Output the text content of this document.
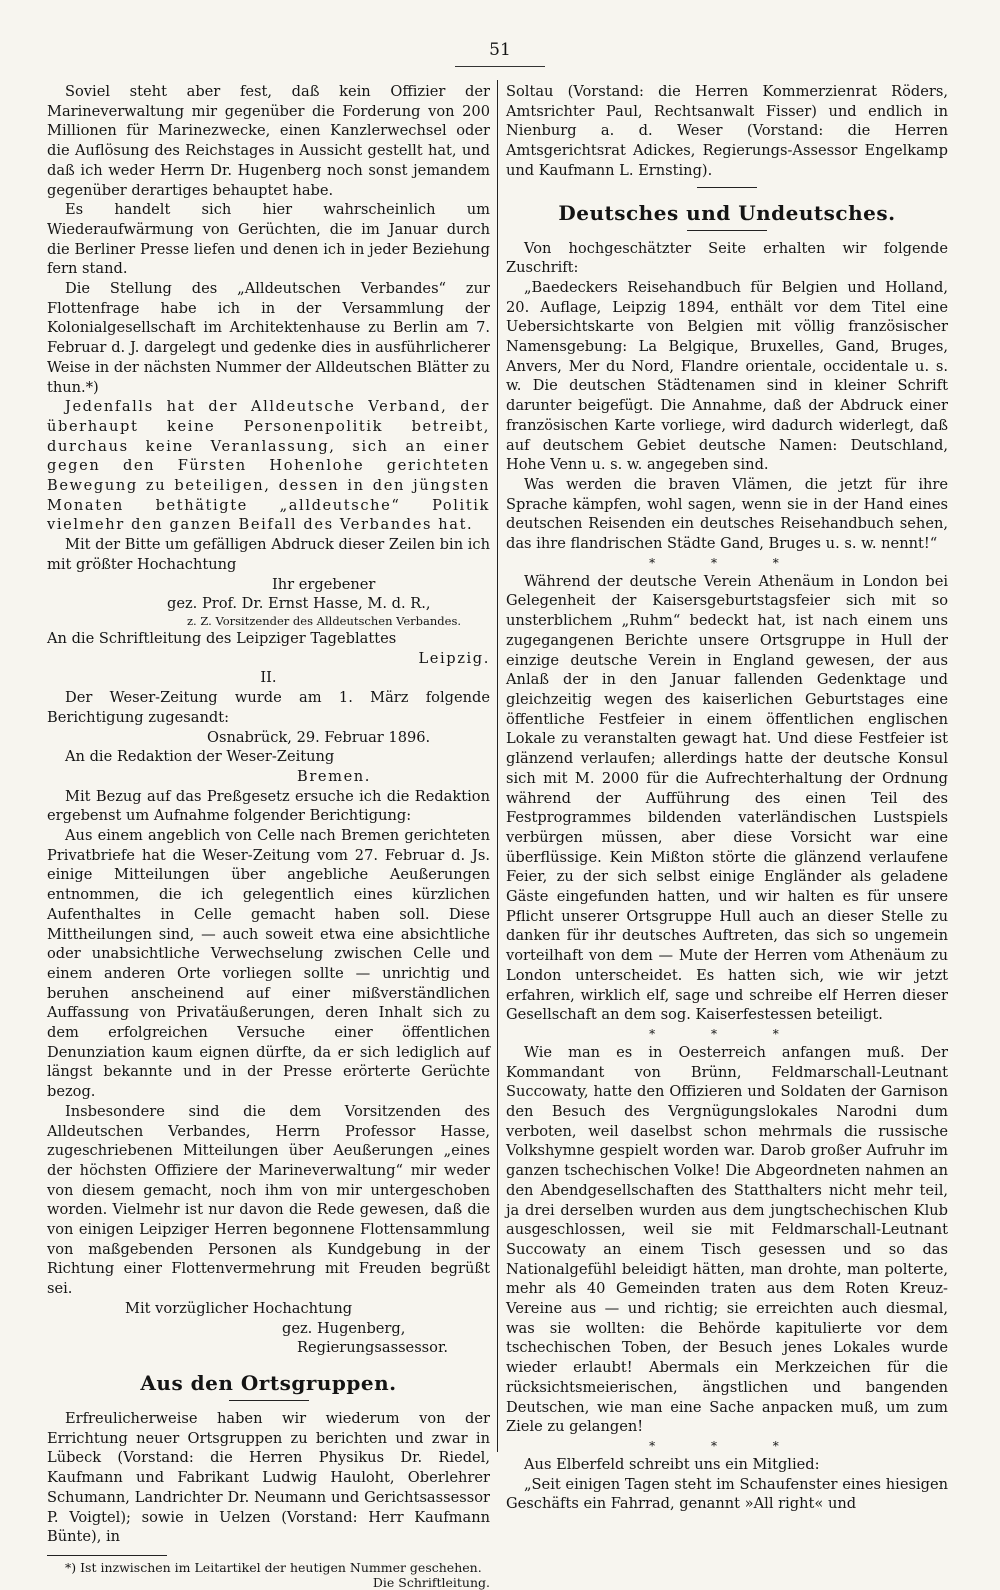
51

Soviel steht aber fest, daß kein Offizier der Marineverwaltung mir gegenüber die Forderung von 200 Millionen für Marinezwecke, einen Kanzlerwechsel oder die Auflösung des Reichstages in Aussicht gestellt hat, und daß ich weder Herrn Dr. Hugenberg noch sonst jemandem gegenüber derartiges behauptet habe.

Es handelt sich hier wahrscheinlich um Wiederaufwärmung von Gerüchten, die im Januar durch die Berliner Presse liefen und denen ich in jeder Beziehung fern stand.

Die Stellung des „Alldeutschen Verbandes“ zur Flottenfrage habe ich in der Versammlung der Kolonialgesellschaft im Architektenhause zu Berlin am 7. Februar d. J. dargelegt und gedenke dies in ausführlicherer Weise in der nächsten Nummer der Alldeutschen Blätter zu thun.*)

Jedenfalls hat der Alldeutsche Verband, der überhaupt keine Personenpolitik betreibt, durchaus keine Veranlassung, sich an einer gegen den Fürsten Hohenlohe gerichteten Bewegung zu beteiligen, dessen in den jüngsten Monaten bethätigte „alldeutsche“ Politik vielmehr den ganzen Beifall des Verbandes hat.

Mit der Bitte um gefälligen Abdruck dieser Zeilen bin ich mit größter Hochachtung

Ihr ergebener

gez. Prof. Dr. Ernst Hasse, M. d. R.,

z. Z. Vorsitzender des Alldeutschen Verbandes.

An die Schriftleitung des Leipziger Tageblattes

Leipzig.

II.

Der Weser-Zeitung wurde am 1. März folgende Berichtigung zugesandt:

Osnabrück, 29. Februar 1896.

An die Redaktion der Weser-Zeitung

Bremen.

Mit Bezug auf das Preßgesetz ersuche ich die Redaktion ergebenst um Aufnahme folgender Berichtigung:

Aus einem angeblich von Celle nach Bremen gerichteten Privatbriefe hat die Weser-Zeitung vom 27. Februar d. Js. einige Mitteilungen über angebliche Aeußerungen entnommen, die ich gelegentlich eines kürzlichen Aufenthaltes in Celle gemacht haben soll. Diese Mittheilungen sind, — auch soweit etwa eine absichtliche oder unabsichtliche Verwechselung zwischen Celle und einem anderen Orte vorliegen sollte — unrichtig und beruhen anscheinend auf einer mißverständlichen Auffassung von Privatäußerungen, deren Inhalt sich zu dem erfolgreichen Versuche einer öffentlichen Denunziation kaum eignen dürfte, da er sich lediglich auf längst bekannte und in der Presse erörterte Gerüchte bezog.

Insbesondere sind die dem Vorsitzenden des Alldeutschen Verbandes, Herrn Professor Hasse, zugeschriebenen Mitteilungen über Aeußerungen „eines der höchsten Offiziere der Marineverwaltung“ mir weder von diesem gemacht, noch ihm von mir untergeschoben worden. Vielmehr ist nur davon die Rede gewesen, daß die von einigen Leipziger Herren begonnene Flottensammlung von maßgebenden Personen als Kundgebung in der Richtung einer Flottenvermehrung mit Freuden begrüßt sei.

Mit vorzüglicher Hochachtung

gez. Hugenberg,

Regierungsassessor.

Aus den Ortsgruppen.

Erfreulicherweise haben wir wiederum von der Errichtung neuer Ortsgruppen zu berichten und zwar in Lübeck (Vorstand: die Herren Physikus Dr. Riedel, Kaufmann und Fabrikant Ludwig Hauloht, Oberlehrer Schumann, Landrichter Dr. Neumann und Gerichtsassessor P. Voigtel); sowie in Uelzen (Vorstand: Herr Kaufmann Bünte), in

*) Ist inzwischen im Leitartikel der heutigen Nummer geschehen.

Die Schriftleitung.

Soltau (Vorstand: die Herren Kommerzienrat Röders, Amtsrichter Paul, Rechtsanwalt Fisser) und endlich in Nienburg a. d. Weser (Vorstand: die Herren Amtsgerichtsrat Adickes, Regierungs-Assessor Engelkamp und Kaufmann L. Ernsting).

Deutsches und Undeutsches.

Von hochgeschätzter Seite erhalten wir folgende Zuschrift:

„Baedeckers Reisehandbuch für Belgien und Holland, 20. Auflage, Leipzig 1894, enthält vor dem Titel eine Uebersichtskarte von Belgien mit völlig französischer Namensgebung: La Belgique, Bruxelles, Gand, Bruges, Anvers, Mer du Nord, Flandre orientale, occidentale u. s. w. Die deutschen Städtenamen sind in kleiner Schrift darunter beigefügt. Die Annahme, daß der Abdruck einer französischen Karte vorliege, wird dadurch widerlegt, daß auf deutschem Gebiet deutsche Namen: Deutschland, Hohe Venn u. s. w. angegeben sind.

Was werden die braven Vlämen, die jetzt für ihre Sprache kämpfen, wohl sagen, wenn sie in der Hand eines deutschen Reisenden ein deutsches Reisehandbuch sehen, das ihre flandrischen Städte Gand, Bruges u. s. w. nennt!“

* * *

Während der deutsche Verein Athenäum in London bei Gelegenheit der Kaisersgeburtstagsfeier sich mit so unsterblichem „Ruhm“ bedeckt hat, ist nach einem uns zugegangenen Berichte unsere Ortsgruppe in Hull der einzige deutsche Verein in England gewesen, der aus Anlaß der in den Januar fallenden Gedenktage und gleichzeitig wegen des kaiserlichen Geburtstages eine öffentliche Festfeier in einem öffentlichen englischen Lokale zu veranstalten gewagt hat. Und diese Festfeier ist glänzend verlaufen; allerdings hatte der deutsche Konsul sich mit M. 2000 für die Aufrechterhaltung der Ordnung während der Aufführung des einen Teil des Festprogrammes bildenden vaterländischen Lustspiels verbürgen müssen, aber diese Vorsicht war eine überflüssige. Kein Mißton störte die glänzend verlaufene Feier, zu der sich selbst einige Engländer als geladene Gäste eingefunden hatten, und wir halten es für unsere Pflicht unserer Ortsgruppe Hull auch an dieser Stelle zu danken für ihr deutsches Auftreten, das sich so ungemein vorteilhaft von dem — Mute der Herren vom Athenäum zu London unterscheidet. Es hatten sich, wie wir jetzt erfahren, wirklich elf, sage und schreibe elf Herren dieser Gesellschaft an dem sog. Kaiserfestessen beteiligt.

* * *

Wie man es in Oesterreich anfangen muß. Der Kommandant von Brünn, Feldmarschall-Leutnant Succowaty, hatte den Offizieren und Soldaten der Garnison den Besuch des Vergnügungslokales Narodni dum verboten, weil daselbst schon mehrmals die russische Volkshymne gespielt worden war. Darob großer Aufruhr im ganzen tschechischen Volke! Die Abgeordneten nahmen an den Abendgesellschaften des Statthalters nicht mehr teil, ja drei derselben wurden aus dem jungtschechischen Klub ausgeschlossen, weil sie mit Feldmarschall-Leutnant Succowaty an einem Tisch gesessen und so das Nationalgefühl beleidigt hätten, man drohte, man polterte, mehr als 40 Gemeinden traten aus dem Roten Kreuz-Vereine aus — und richtig; sie erreichten auch diesmal, was sie wollten: die Behörde kapitulierte vor dem tschechischen Toben, der Besuch jenes Lokales wurde wieder erlaubt! Abermals ein Merkzeichen für die rücksichtsmeierischen, ängstlichen und bangenden Deutschen, wie man eine Sache anpacken muß, um zum Ziele zu gelangen!

* * *

Aus Elberfeld schreibt uns ein Mitglied:

„Seit einigen Tagen steht im Schaufenster eines hiesigen Geschäfts ein Fahrrad, genannt »All right« und
